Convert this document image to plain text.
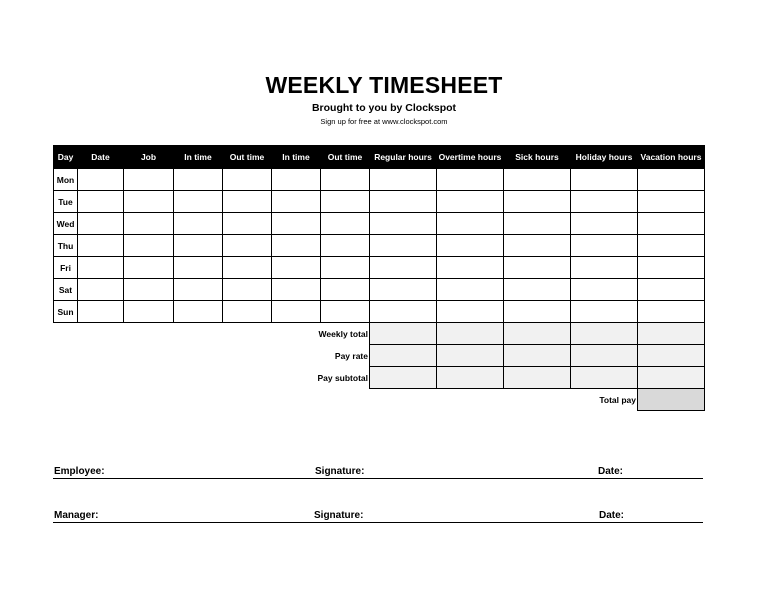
WEEKLY TIMESHEET
Brought to you by Clockspot
Sign up for free at www.clockspot.com
Day	Date	Job	In time	Out time	In time	Out time	Regular hours	Overtime hours	Sick hours	Holiday hours	Vacation hours
Mon											
Tue											
Wed											
Thu											
Fri											
Sat											
Sun											
Weekly total											
Pay rate											
Pay subtotal											
Total pay											
Employee:	Signature:	Date:
Manager:	Signature:	Date:
